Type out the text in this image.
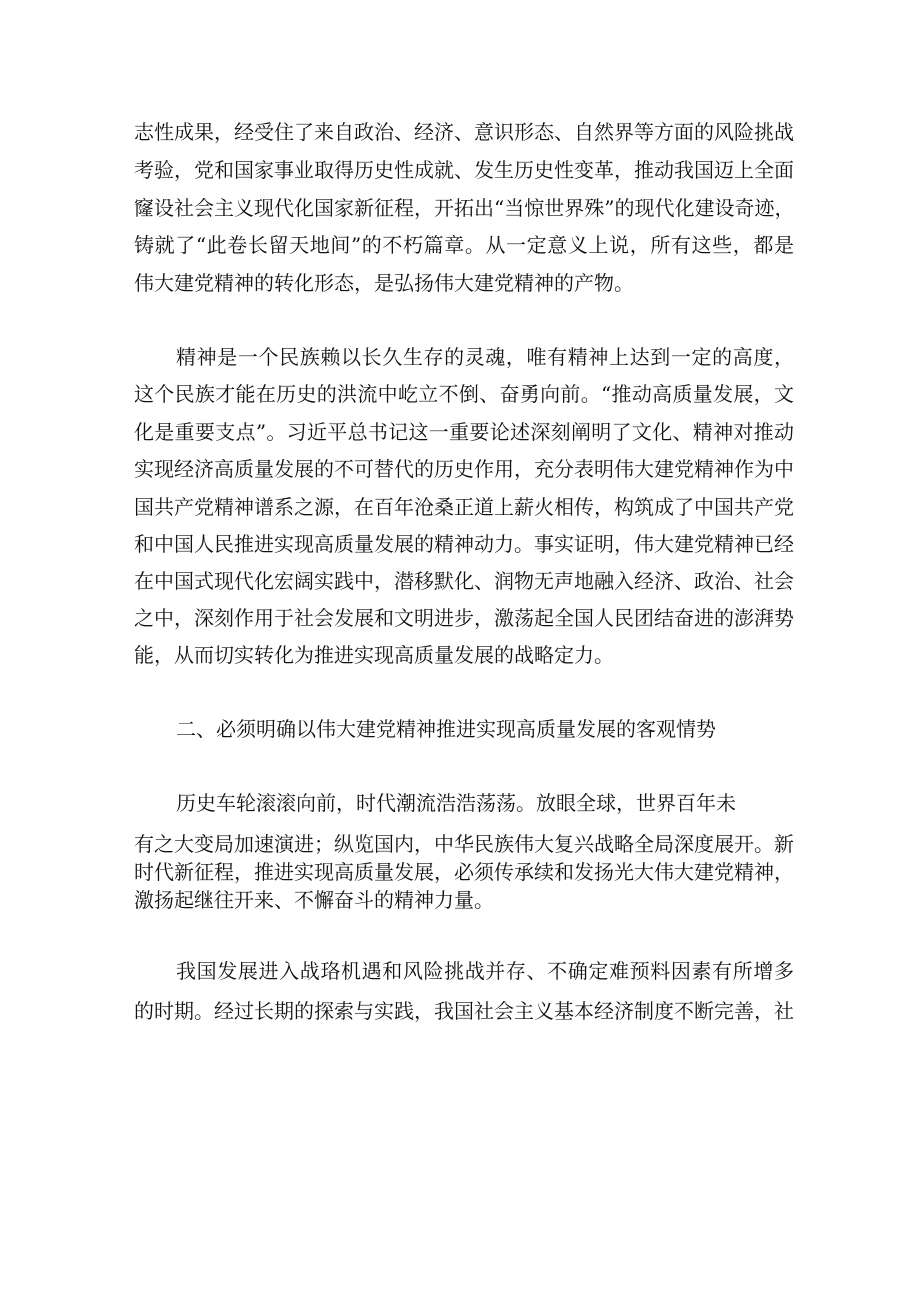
志性成果，经受住了来自政治、经济、意识形态、自然界等方面的风险挑战
考验，党和国家事业取得历史性成就、发生历史性变革，推动我国迈上全面
窿设社会主义现代化国家新征程，开拓出“当惊世界殊”的现代化建设奇迹，
铸就了“此卷长留天地间”的不朽篇章。从一定意义上说，所有这些，都是
伟大建党精神的转化形态，是弘扬伟大建党精神的产物。
精神是一个民族赖以长久生存的灵魂，唯有精神上达到一定的高度，
这个民族才能在历史的洪流中屹立不倒、奋勇向前。“推动高质量发展，文
化是重要支点”。习近平总书记这一重要论述深刻阐明了文化、精神对推动
实现经济高质量发展的不可替代的历史作用，充分表明伟大建党精神作为中
国共产党精神谱系之源，在百年沧桑正道上薪火相传，构筑成了中国共产党
和中国人民推进实现高质量发展的精神动力。事实证明，伟大建党精神已经
在中国式现代化宏阔实践中，潜移默化、润物无声地融入经济、政治、社会
之中，深刻作用于社会发展和文明进步，激荡起全国人民团结奋进的澎湃势
能，从而切实转化为推进实现高质量发展的战略定力。
二、必须明确以伟大建党精神推进实现高质量发展的客观情势
历史车轮滚滚向前，时代潮流浩浩荡荡。放眼全球，世界百年未
有之大变局加速演进；纵览国内，中华民族伟大复兴战略全局深度展开。新
时代新征程，推进实现高质量发展，必须传承续和发扬光大伟大建党精神，
激扬起继往开来、不懈奋斗的精神力量。
我国发展进入战珞机遇和风险挑战并存、不确定难预料因素有所增多
的时期。经过长期的探索与实践，我国社会主义基本经济制度不断完善，社
